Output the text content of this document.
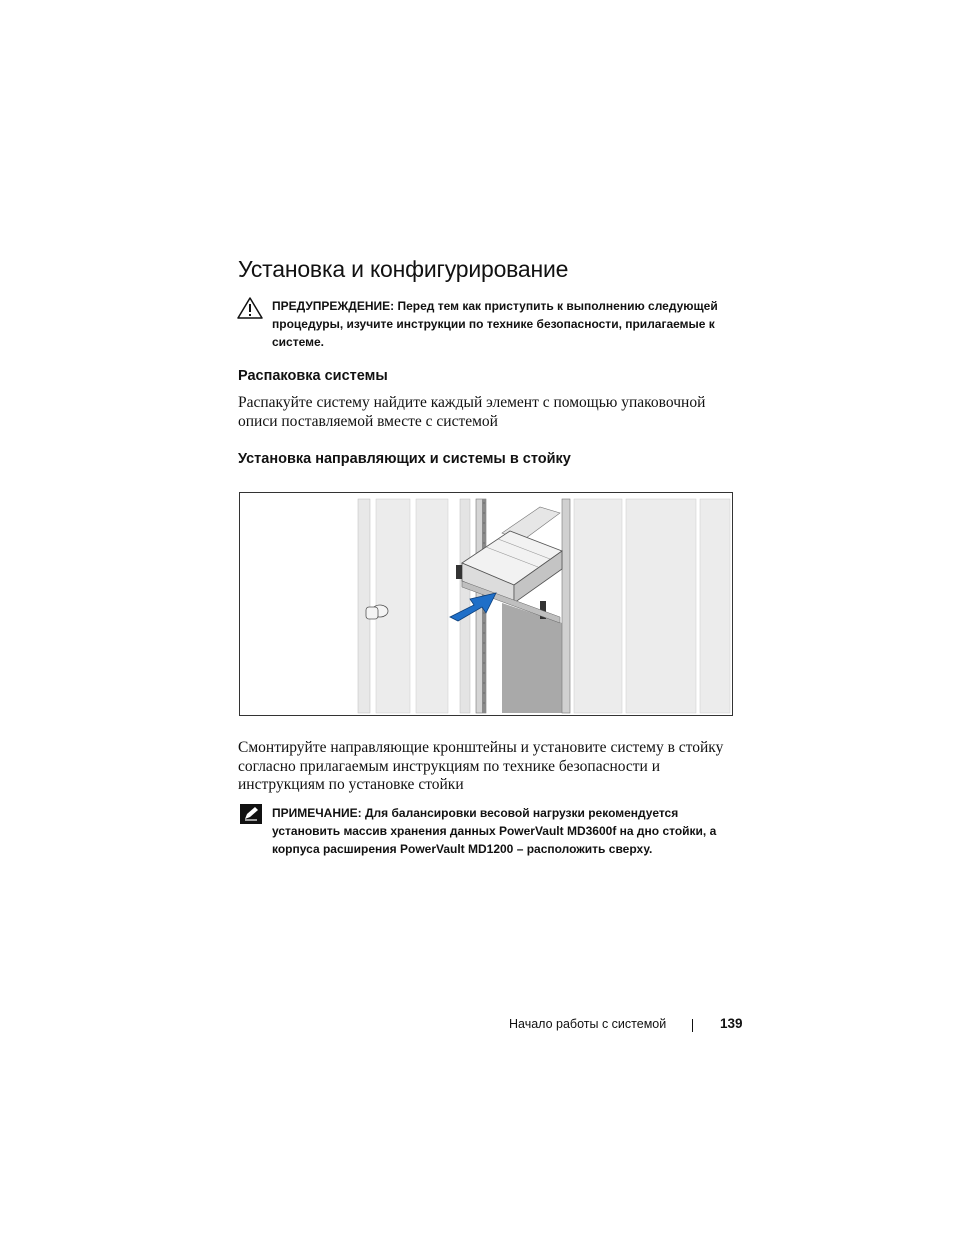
Установка и конфигурирование
ПРЕДУПРЕЖДЕНИЕ: Перед тем как приступить к выполнению следующей процедуры, изучите инструкции по технике безопасности, прилагаемые к системе.
Распаковка системы
Распакуйте систему найдите каждый элемент с помощью упаковочной описи поставляемой вместе с системой
Установка направляющих и системы в стойку
Смонтируйте направляющие кронштейны и установите систему в стойку согласно прилагаемым инструкциям по технике безопасности и инструкциям по установке стойки
ПРИМЕЧАНИЕ: Для балансировки весовой нагрузки рекомендуется установить массив хранения данных PowerVault MD3600f на дно стойки, а корпуса расширения PowerVault MD1200 – расположить сверху.
Начало работы с системой	139
